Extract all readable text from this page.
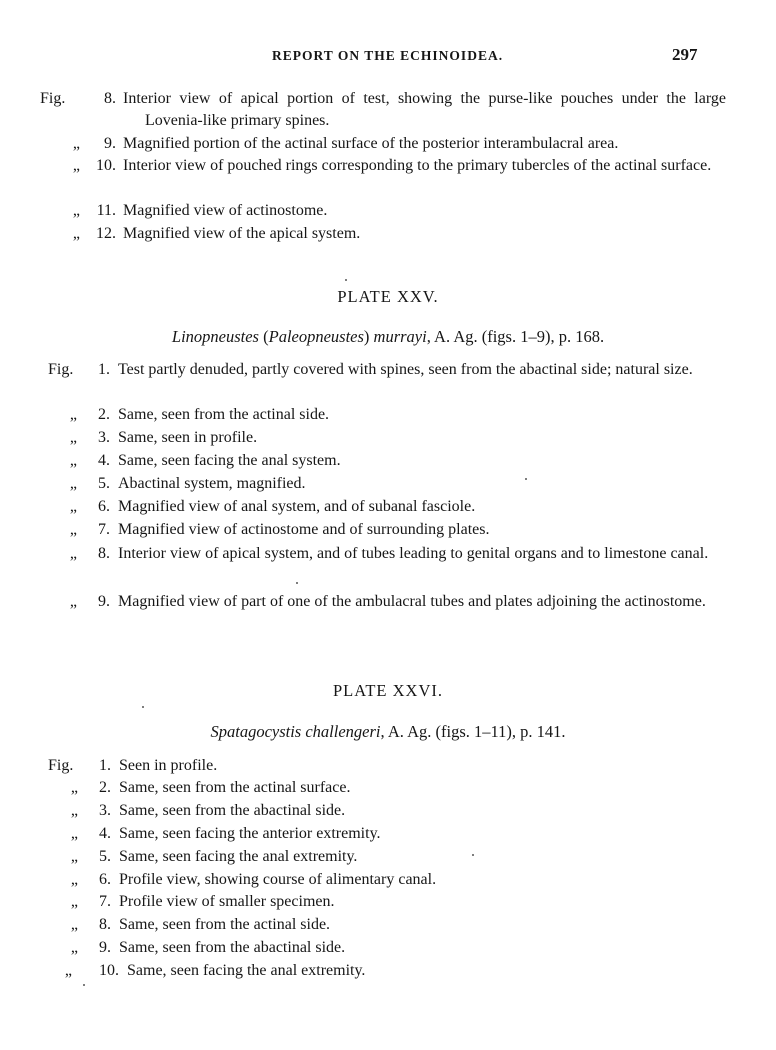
REPORT ON THE ECHINOIDEA.	297
Fig.	8. Interior view of apical portion of test, showing the purse-like pouches under the large Lovenia-like primary spines.
„	9. Magnified portion of the actinal surface of the posterior interambulacral area.
„	10. Interior view of pouched rings corresponding to the primary tubercles of the actinal surface.
„	11. Magnified view of actinostome.
„	12. Magnified view of the apical system.
PLATE XXV.
Linopneustes (Paleopneustes) murrayi, A. Ag. (figs. 1–9), p. 168.
Fig.	1. Test partly denuded, partly covered with spines, seen from the abactinal side; natural size.
„	2. Same, seen from the actinal side.
„	3. Same, seen in profile.
„	4. Same, seen facing the anal system.
„	5. Abactinal system, magnified.
„	6. Magnified view of anal system, and of subanal fasciole.
„	7. Magnified view of actinostome and of surrounding plates.
„	8. Interior view of apical system, and of tubes leading to genital organs and to limestone canal.
„	9. Magnified view of part of one of the ambulacral tubes and plates adjoining the actinostome.
PLATE XXVI.
Spatagocystis challengeri, A. Ag. (figs. 1–11), p. 141.
Fig.	1. Seen in profile.
„	2. Same, seen from the actinal surface.
„	3. Same, seen from the abactinal side.
„	4. Same, seen facing the anterior extremity.
„	5. Same, seen facing the anal extremity.
„	6. Profile view, showing course of alimentary canal.
„	7. Profile view of smaller specimen.
„	8. Same, seen from the actinal side.
„	9. Same, seen from the abactinal side.
„	10. Same, seen facing the anal extremity.
